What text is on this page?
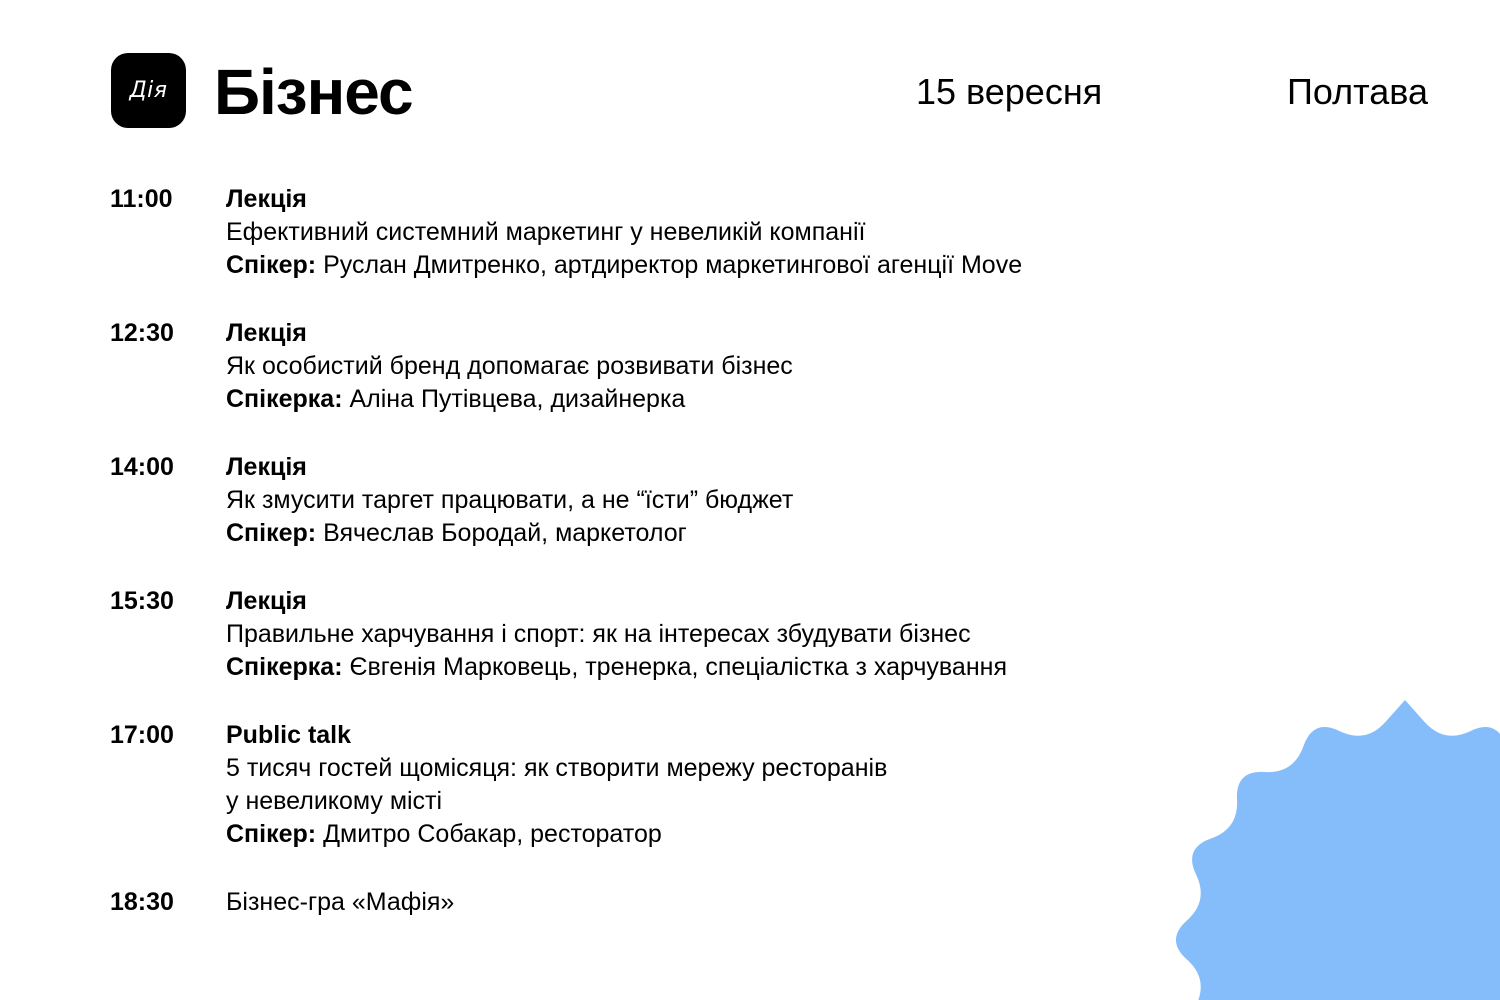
Дія Бізнес	15 вересня	Полтава
11:00	Лекція
Ефективний системний маркетинг у невеликій компанії
Спікер: Руслан Дмитренко, артдиректор маркетингової агенції Move
12:30	Лекція
Як особистий бренд допомагає розвивати бізнес
Спікерка: Аліна Путівцева, дизайнерка
14:00	Лекція
Як змусити таргет працювати, а не “їсти” бюджет
Спікер: Вячеслав Бородай, маркетолог
15:30	Лекція
Правильне харчування і спорт: як на інтересах збудувати бізнес
Спікерка: Євгенія Марковець, тренерка, спеціалістка з харчування
17:00	Public talk
5 тисяч гостей щомісяця: як створити мережу ресторанів
у невеликому місті
Спікер: Дмитро Собакар, ресторатор
18:30	Бізнес-гра «Мафія»
